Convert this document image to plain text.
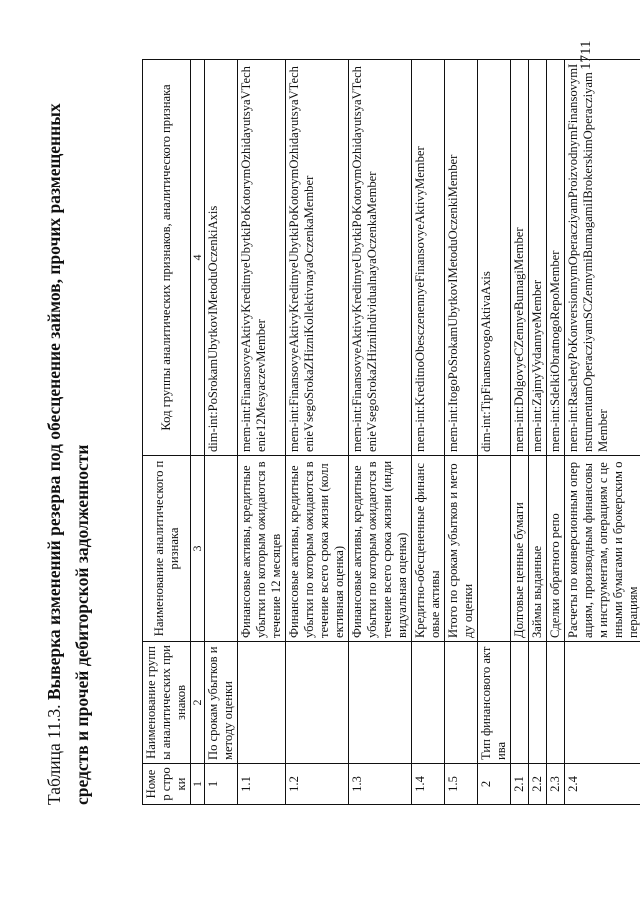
Таблица 11.3. Выверка изменений резерва под обесценение займов, прочих размещенных средств и прочей дебиторской задолженности	Номер строки	Наименование группы аналитических признаков	Наименование аналитического признака	Код группы аналитических признаков, аналитического признака
1	2	3	4
1	По срокам убытков и методу оценки		dim-int:PoSrokamUbytkovIMetoduOczenkiAxis
1.1		Финансовые активы, кредитные убытки по которым ожидаются в течение 12 месяцев	mem-int:FinansovyeAktivyKreditnyeUbytkiPoKotorymOzhidayutsyaVTechenie12MesyaczevMember
1.2		Финансовые активы, кредитные убытки по которым ожидаются в течение всего срока жизни (коллективная оценка)	mem-int:FinansovyeAktivyKreditnyeUbytkiPoKotorymOzhidayutsyaVTechenieVsegoSrokaZHizniKollektivnayaOczenkaMember
1.3		Финансовые активы, кредитные убытки по которым ожидаются в течение всего срока жизни (индивидуальная оценка)	mem-int:FinansovyeAktivyKreditnyeUbytkiPoKotorymOzhidayutsyaVTechenieVsegoSrokaZHizniIndividualnayaOczenkaMember
1.4		Кредитно-обесцененные финансовые активы	mem-int:KreditnoObesczenennyeFinansovyeAktivyMember
1.5		Итого по срокам убытков и методу оценки	mem-int:ItogoPoSrokamUbytkovIMetoduOczenkiMember
2	Тип финансового актива		dim-int:TipFinansovogoAktivaAxis
2.1		Долговые ценные бумаги	mem-int:DolgovyeCZennyeBumagiMember
2.2		Займы выданные	mem-int:ZajmyVydannyeMember
2.3		Сделки обратного репо	mem-int:SdelkiObratnogoRepoMember
2.4		Расчеты по конверсионным операциям, производным финансовым инструментам, операциям с ценными бумагами и брокерским операциям	mem-int:RaschetyPoKonversionnymOperacziyamProizvodnymFinansovymInstrumentamOperacziyamSCZennymiBumagamiIBrokerskimOperacziyamMember
1711
